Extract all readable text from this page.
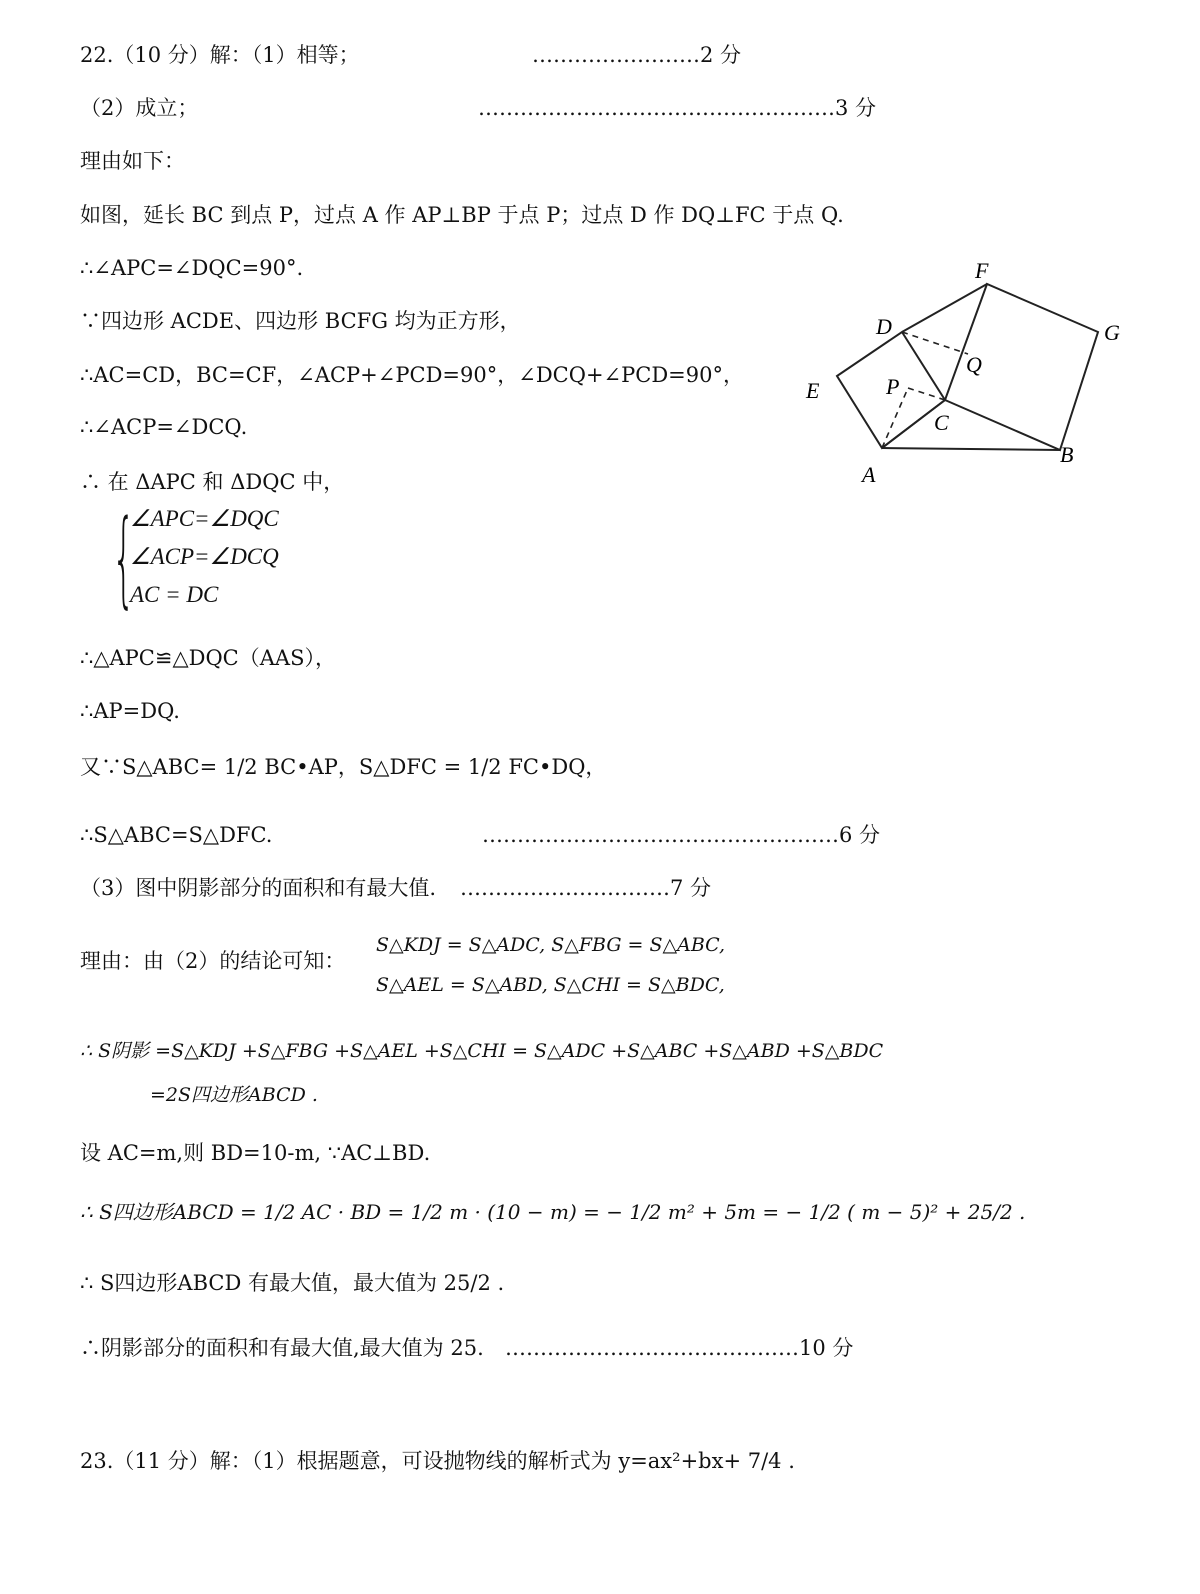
22.（10 分）解：（1）相等；	……………………2 分
（2）成立；	……………………………………………3 分
理由如下：
如图，延长 BC 到点 P，过点 A 作 AP⊥BP 于点 P；过点 D 作 DQ⊥FC 于点 Q.
∴∠APC=∠DQC=90°.
∵四边形 ACDE、四边形 BCFG 均为正方形，
∴AC=CD，BC=CF，∠ACP+∠PCD=90°，∠DCQ+∠PCD=90°，
∴∠ACP=∠DCQ.
∴ 在 ΔAPC 和 ΔDQC 中，
{
∠APC=∠DQC
∠ACP=∠DCQ
AC = DC
∴△APC≌△DQC（AAS），
∴AP=DQ.
又∵S△ABC= 1/2 BC•AP，S△DFC = 1/2 FC•DQ，
∴S△ABC=S△DFC.	……………………………………………6 分
（3）图中阴影部分的面积和有最大值. …………………………7 分
理由：由（2）的结论可知：
S△KDJ = S△ADC, S△FBG = S△ABC,
S△AEL = S△ABD, S△CHI = S△BDC,
∴ S阴影 =S△KDJ +S△FBG +S△AEL +S△CHI = S△ADC +S△ABC +S△ABD +S△BDC
=2S四边形ABCD .
设 AC=m,则 BD=10-m, ∵AC⊥BD.
∴ S四边形ABCD = 1/2 AC · BD = 1/2 m · (10 − m) = − 1/2 m² + 5m = − 1/2 ( m − 5)² + 25/2 .
∴ S四边形ABCD 有最大值，最大值为 25/2 .
∴阴影部分的面积和有最大值,最大值为 25. ……………………………………10 分
23.（11 分）解：（1）根据题意，可设抛物线的解析式为 y=ax²+bx+ 7/4 .
F
G
D
Q
E	P
C
A
B
